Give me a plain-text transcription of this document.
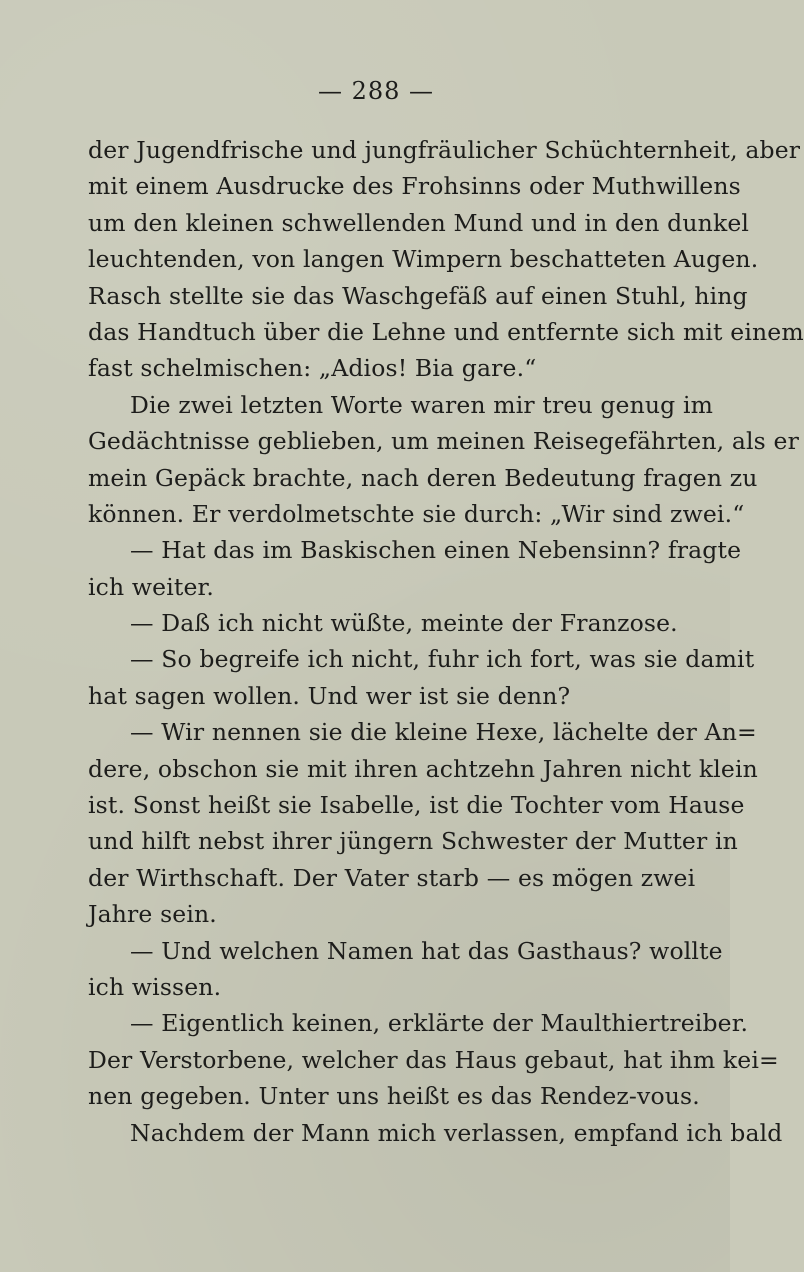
— 288 —
der Jugendfrische und jungfräulicher Schüchternheit, aber
mit einem Ausdrucke des Frohsinns oder Muthwillens
um den kleinen schwellenden Mund und in den dunkel
leuchtenden, von langen Wimpern beschatteten Augen.
Rasch stellte sie das Waschgefäß auf einen Stuhl, hing
das Handtuch über die Lehne und entfernte sich mit einem
fast schelmischen: „Adios! Bia gare.“
Die zwei letzten Worte waren mir treu genug im
Gedächtnisse geblieben, um meinen Reisegefährten, als er
mein Gepäck brachte, nach deren Bedeutung fragen zu
können. Er verdolmetschte sie durch: „Wir sind zwei.“
— Hat das im Baskischen einen Nebensinn? fragte
ich weiter.
— Daß ich nicht wüßte, meinte der Franzose.
— So begreife ich nicht, fuhr ich fort, was sie damit
hat sagen wollen. Und wer ist sie denn?
— Wir nennen sie die kleine Hexe, lächelte der An=
dere, obschon sie mit ihren achtzehn Jahren nicht klein
ist. Sonst heißt sie Isabelle, ist die Tochter vom Hause
und hilft nebst ihrer jüngern Schwester der Mutter in
der Wirthschaft. Der Vater starb — es mögen zwei
Jahre sein.
— Und welchen Namen hat das Gasthaus? wollte
ich wissen.
— Eigentlich keinen, erklärte der Maulthiertreiber.
Der Verstorbene, welcher das Haus gebaut, hat ihm kei=
nen gegeben. Unter uns heißt es das Rendez-vous.
Nachdem der Mann mich verlassen, empfand ich bald
